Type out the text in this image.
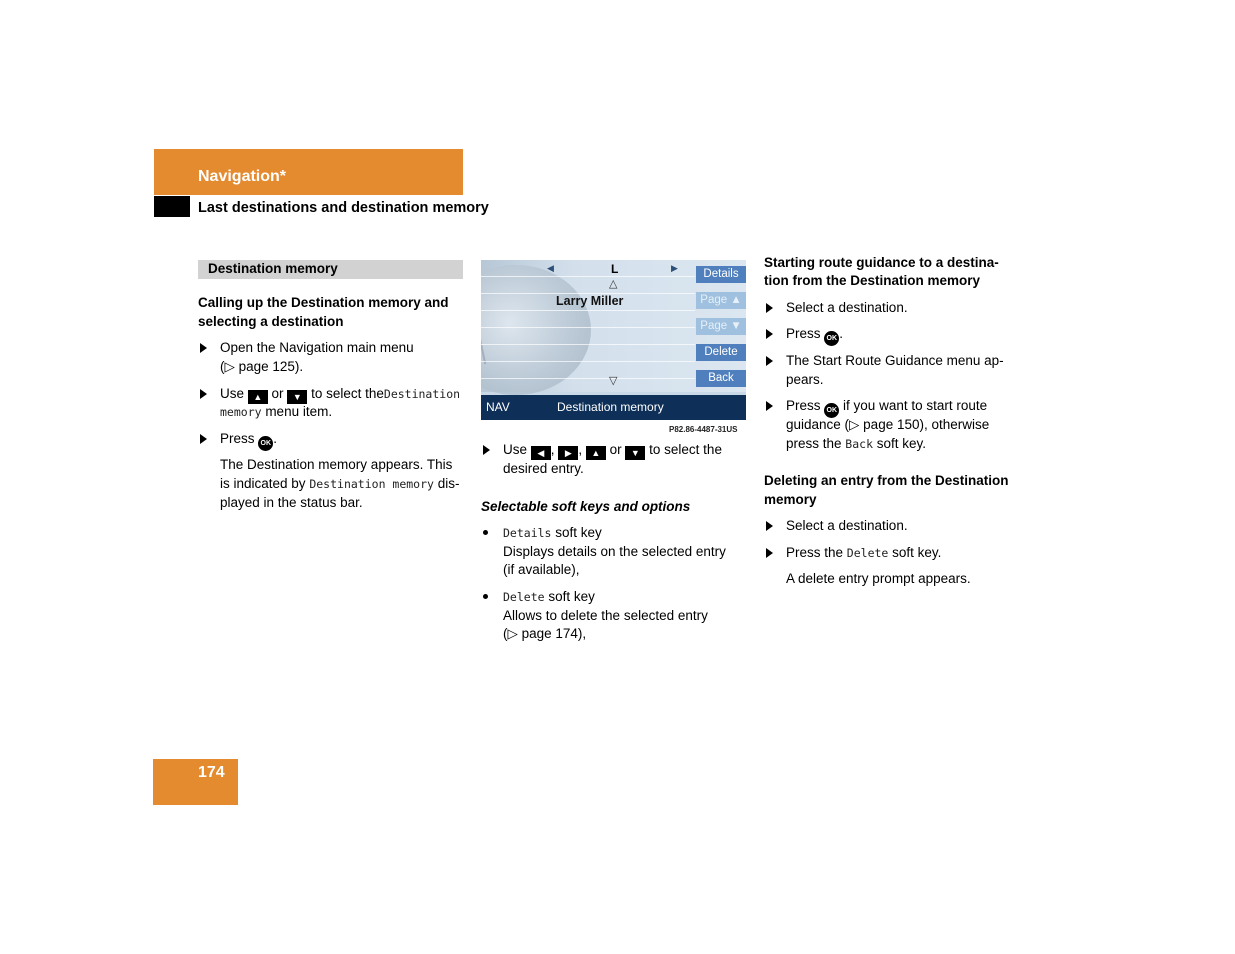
Navigation*
Last destinations and destination memory
Destination memory
Calling up the Destination memory and
selecting a destination
Open the Navigation main menu
(▷ page 125).
Use ▲ or ▼ to select theDestination
memory menu item.
Press OK .
The Destination memory appears. This
is indicated by Destination memory dis-
played in the status bar.
◀	L	▶
△
Larry Miller
▽
Details
Page ▲
Page ▼
Delete
Back
NAV	Destination memory
P82.86-4487-31US
Use ◀ , ▶ , ▲ or ▼ to select the
desired entry.
Selectable soft keys and options
Details soft key
Displays details on the selected entry
(if available),
Delete soft key
Allows to delete the selected entry
(▷ page 174),
Starting route guidance to a destina-
tion from the Destination memory
Select a destination.
Press OK .
The Start Route Guidance menu ap-
pears.
Press OK if you want to start route
guidance (▷ page 150), otherwise
press the Back soft key.
Deleting an entry from the Destination
memory
Select a destination.
Press the Delete soft key.
A delete entry prompt appears.
174
